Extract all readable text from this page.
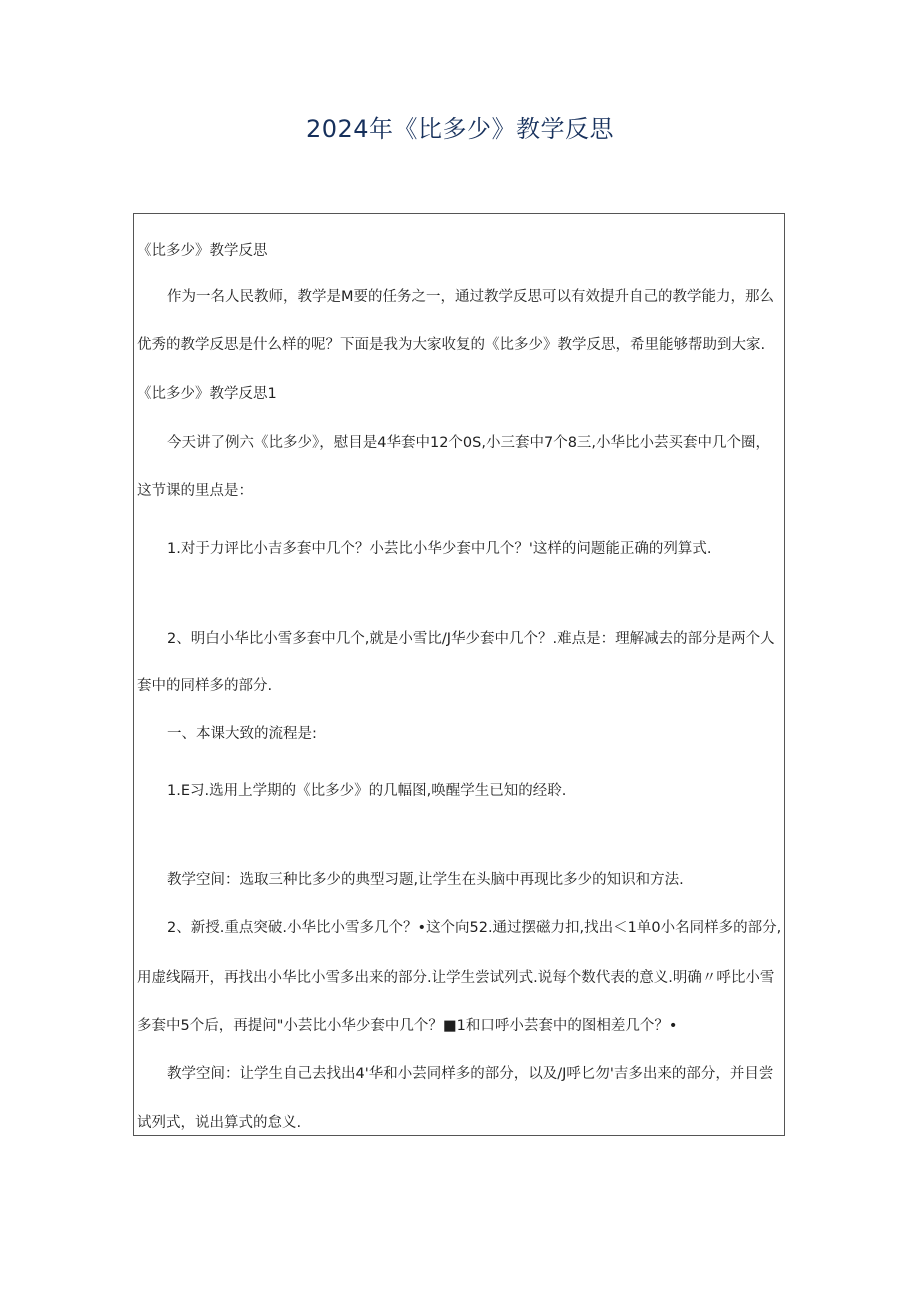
2024年《比多少》教学反思
《比多少》教学反思
作为一名人民教师，教学是M要的任务之一，通过教学反思可以有效提升自己的教学能力，那么
优秀的教学反思是什么样的呢？下面是我为大家收复的《比多少》教学反思，希里能够帮助到大家.
《比多少》教学反思1
今天讲了例六《比多少》，慰目是4华套中12个0S,小三套中7个8三,小华比小芸买套中几个圈，
这节课的里点是：
1.对于力评比小吉多套中几个？小芸比小华少套中几个？'这样的问题能正确的列算式.
2、明白小华比小雪多套中几个,就是小雪比/J华少套中几个？.难点是：理解减去的部分是两个人
套中的同样多的部分.
一、本课大致的流程是:
1.E习.选用上学期的《比多少》的几幅图,唤醒学生已知的经聆.
教学空间：选取三种比多少的典型习题,让学生在头脑中再现比多少的知识和方法.
2、新授.重点突破.小华比小雪多几个？•这个向52.通过摆磁力扣,找出＜1单0小名同样多的部分,
用虚线隔开，再找出小华比小雪多出来的部分.让学生尝试列式.说每个数代表的意义.明确〃呼比小雪
多套中5个后，再提问"小芸比小华少套中几个？■1和口呼小芸套中的图相差几个？•
教学空间：让学生自己去找出4'华和小芸同样多的部分，以及/J呼匕勿'吉多出来的部分，并目尝
试列式，说出算式的怠义.
